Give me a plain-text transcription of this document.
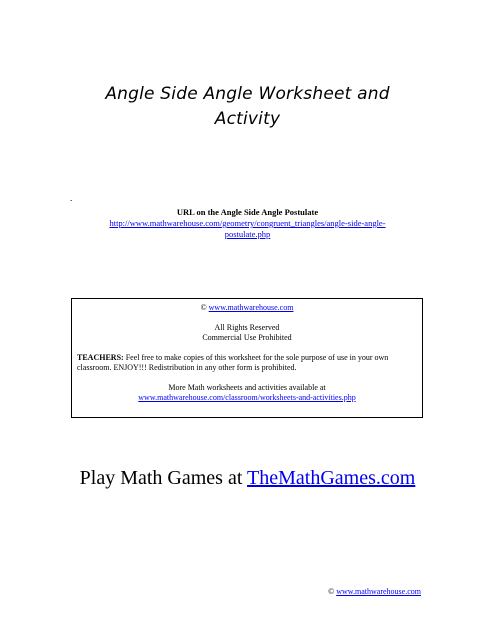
Angle Side Angle Worksheet and
Activity
.
URL on the Angle Side Angle Postulate
http://www.mathwarehouse.com/geometry/congruent_triangles/angle-side-angle-
postulate.php
© www.mathwarehouse.com
All Rights Reserved
Commercial Use Prohibited
TEACHERS: Feel free to make copies of this worksheet for the sole purpose of use in your own classroom. ENJOY!!! Redistribution in any other form is prohibited.
More Math worksheets and activities available at
www.mathwarehouse.com/classroom/worksheets-and-activities.php
Play Math Games at TheMathGames.com
© www.mathwarehouse.com
